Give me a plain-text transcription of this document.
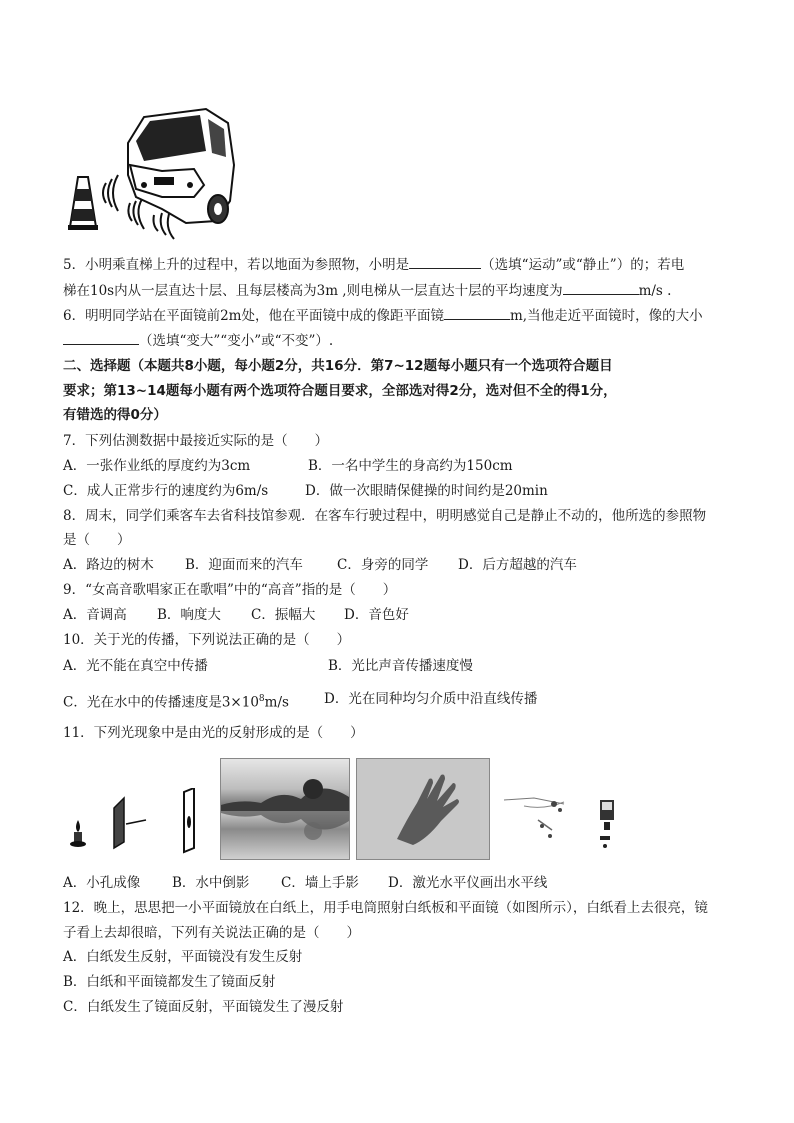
5．小明乘直梯上升的过程中，若以地面为参照物，小明是	（选填“运动”或“静止”）的；若电
梯在10s内从一层直达十层、且每层楼高为3m ,则电梯从一层直达十层的平均速度为	m/s .
6．明明同学站在平面镜前2m处，他在平面镜中成的像距平面镜	m,当他走近平面镜时，像的大小
（选填“变大”“变小”或“不变”）.
二、选择题（本题共8小题，每小题2分，共16分．第7~12题每小题只有一个选项符合题目
要求；第13~14题每小题有两个选项符合题目要求，全部选对得2分，选对但不全的得1分，
有错选的得0分）
7．下列估测数据中最接近实际的是（　　）
A．一张作业纸的厚度约为3cm	B．一名中学生的身高约为150cm
C．成人正常步行的速度约为6m/s	D．做一次眼睛保健操的时间约是20min
8．周末，同学们乘客车去省科技馆参观．在客车行驶过程中，明明感觉自己是静止不动的，他所选的参照物
是（　　）
A．路边的树木 B．迎面而来的汽车	C．身旁的同学 D．后方超越的汽车
9．“女高音歌唱家正在歌唱”中的“高音”指的是（　　）
A．音调高 B．响度大 C．振幅大 D．音色好
10．关于光的传播，下列说法正确的是（　　）
A．光不能在真空中传播	B．光比声音传播速度慢
C．光在水中的传播速度是$3\times 10^8m/s$	D．光在同种均匀介质中沿直线传播
11．下列光现象中是由光的反射形成的是（　　）
A．小孔成像 B．水中倒影 C．墙上手影 D．激光水平仪画出水平线
12．晚上，思思把一小平面镜放在白纸上，用手电筒照射白纸板和平面镜（如图所示），白纸看上去很亮，镜
子看上去却很暗，下列有关说法正确的是（　　）
A．白纸发生反射，平面镜没有发生反射
B．白纸和平面镜都发生了镜面反射
C．白纸发生了镜面反射，平面镜发生了漫反射
